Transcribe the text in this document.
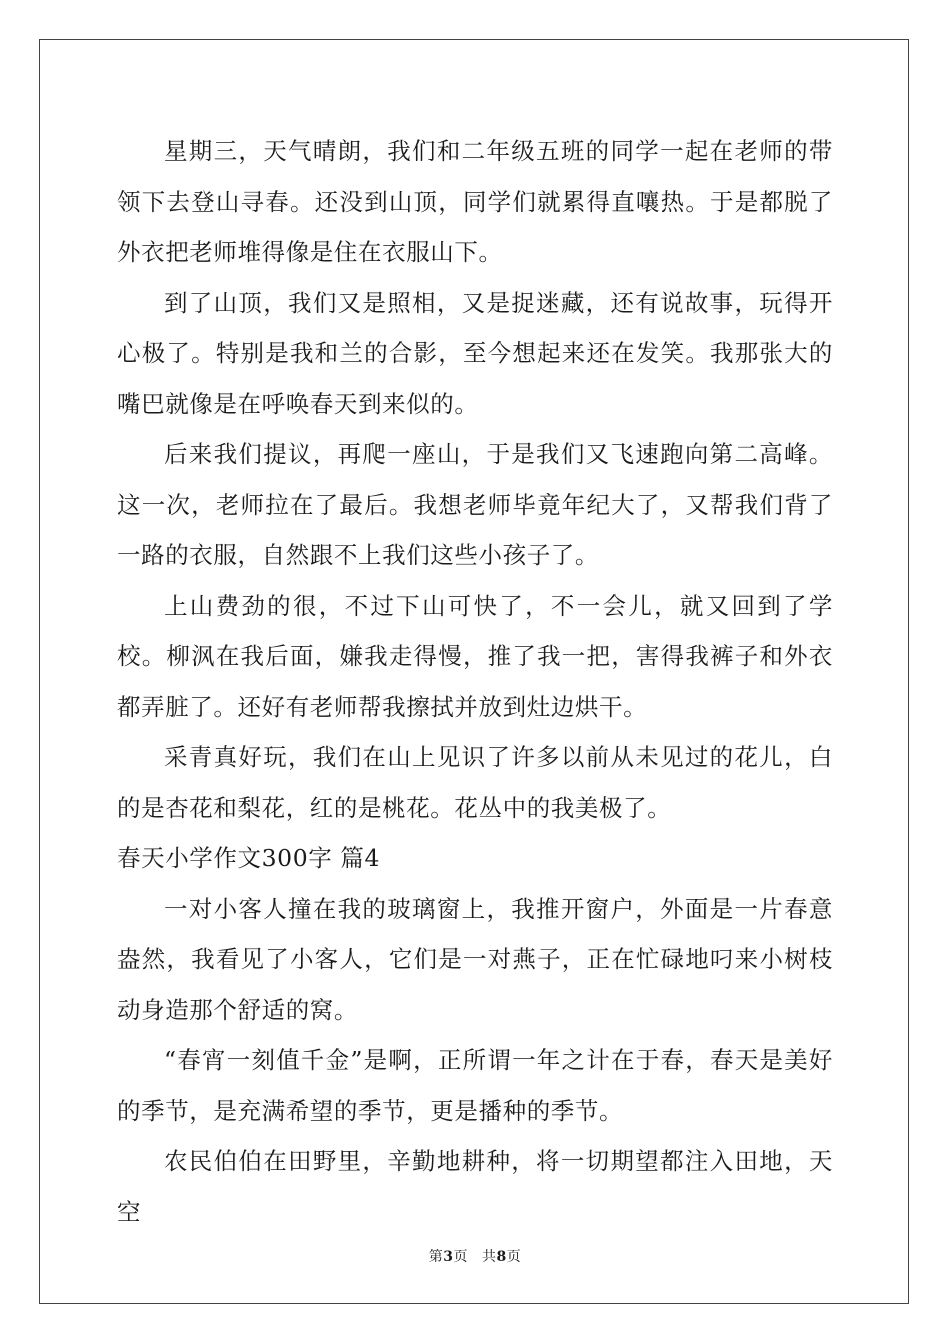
星期三，天气晴朗，我们和二年级五班的同学一起在老师的带领下去登山寻春。还没到山顶，同学们就累得直嚷热。于是都脱了外衣把老师堆得像是住在衣服山下。

到了山顶，我们又是照相，又是捉迷藏，还有说故事，玩得开心极了。特别是我和兰的合影，至今想起来还在发笑。我那张大的嘴巴就像是在呼唤春天到来似的。

后来我们提议，再爬一座山，于是我们又飞速跑向第二高峰。这一次，老师拉在了最后。我想老师毕竟年纪大了，又帮我们背了一路的衣服，自然跟不上我们这些小孩子了。

上山费劲的很，不过下山可快了，不一会儿，就又回到了学校。柳沨在我后面，嫌我走得慢，推了我一把，害得我裤子和外衣都弄脏了。还好有老师帮我擦拭并放到灶边烘干。

采青真好玩，我们在山上见识了许多以前从未见过的花儿，白的是杏花和梨花，红的是桃花。花丛中的我美极了。

春天小学作文300字 篇4

一对小客人撞在我的玻璃窗上，我推开窗户，外面是一片春意盎然，我看见了小客人，它们是一对燕子，正在忙碌地叼来小树枝动身造那个舒适的窝。

“春宵一刻值千金”是啊，正所谓一年之计在于春，春天是美好的季节，是充满希望的季节，更是播种的季节。

农民伯伯在田野里，辛勤地耕种，将一切期望都注入田地，天空

第3页 共8页
